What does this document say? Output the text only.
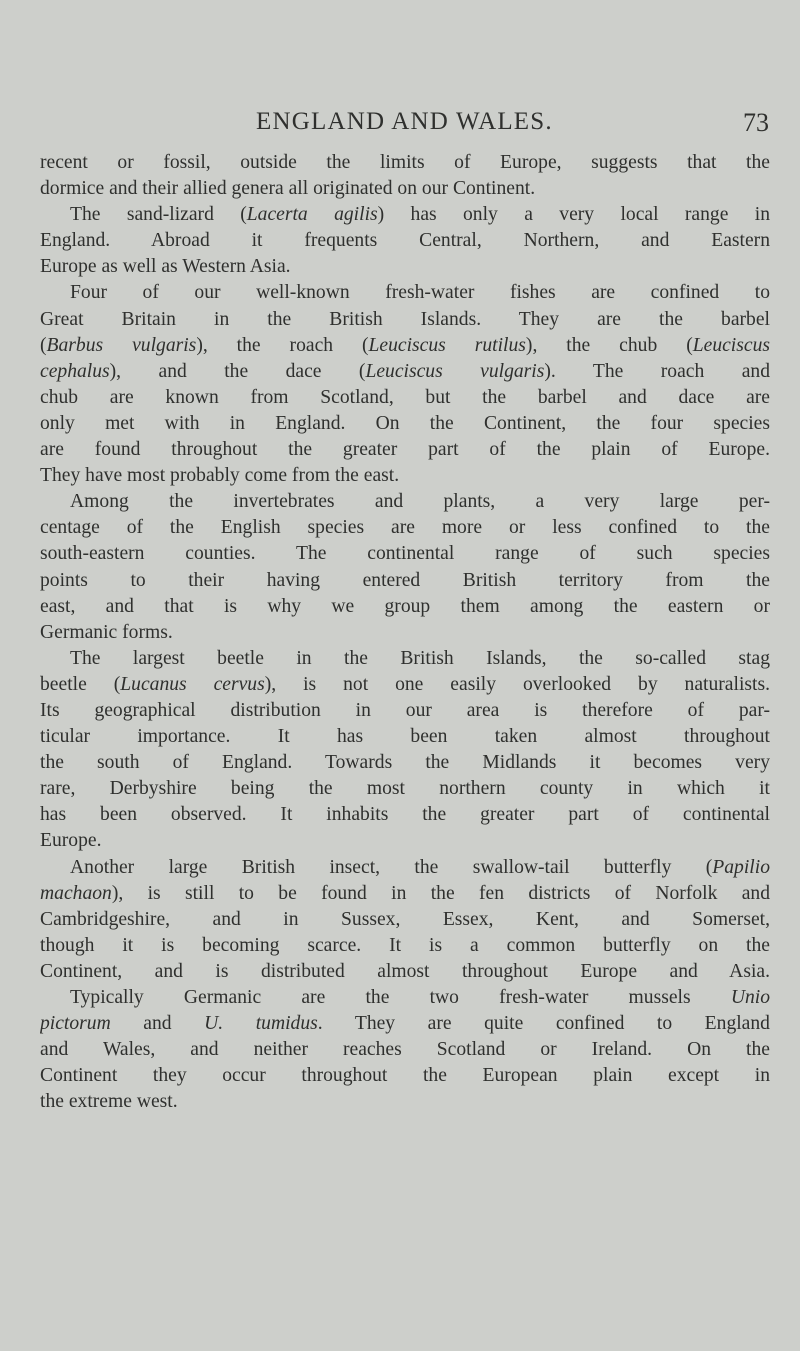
ENGLAND AND WALES.	73
recent or fossil, outside the limits of Europe, suggests that the
dormice and their allied genera all originated on our Continent.
The sand-lizard (Lacerta agilis) has only a very local range in
England. Abroad it frequents Central, Northern, and Eastern
Europe as well as Western Asia.
Four of our well-known fresh-water fishes are confined to
Great Britain in the British Islands. They are the barbel
(Barbus vulgaris), the roach (Leuciscus rutilus), the chub (Leuciscus
cephalus), and the dace (Leuciscus vulgaris). The roach and
chub are known from Scotland, but the barbel and dace are
only met with in England. On the Continent, the four species
are found throughout the greater part of the plain of Europe.
They have most probably come from the east.
Among the invertebrates and plants, a very large per-
centage of the English species are more or less confined to the
south-eastern counties. The continental range of such species
points to their having entered British territory from the
east, and that is why we group them among the eastern or
Germanic forms.
The largest beetle in the British Islands, the so-called stag
beetle (Lucanus cervus), is not one easily overlooked by naturalists.
Its geographical distribution in our area is therefore of par-
ticular importance. It has been taken almost throughout
the south of England. Towards the Midlands it becomes very
rare, Derbyshire being the most northern county in which it
has been observed. It inhabits the greater part of continental
Europe.
Another large British insect, the swallow-tail butterfly (Papilio
machaon), is still to be found in the fen districts of Norfolk and
Cambridgeshire, and in Sussex, Essex, Kent, and Somerset,
though it is becoming scarce. It is a common butterfly on the
Continent, and is distributed almost throughout Europe and Asia.
Typically Germanic are the two fresh-water mussels Unio
pictorum and U. tumidus. They are quite confined to England
and Wales, and neither reaches Scotland or Ireland. On the
Continent they occur throughout the European plain except in
the extreme west.
